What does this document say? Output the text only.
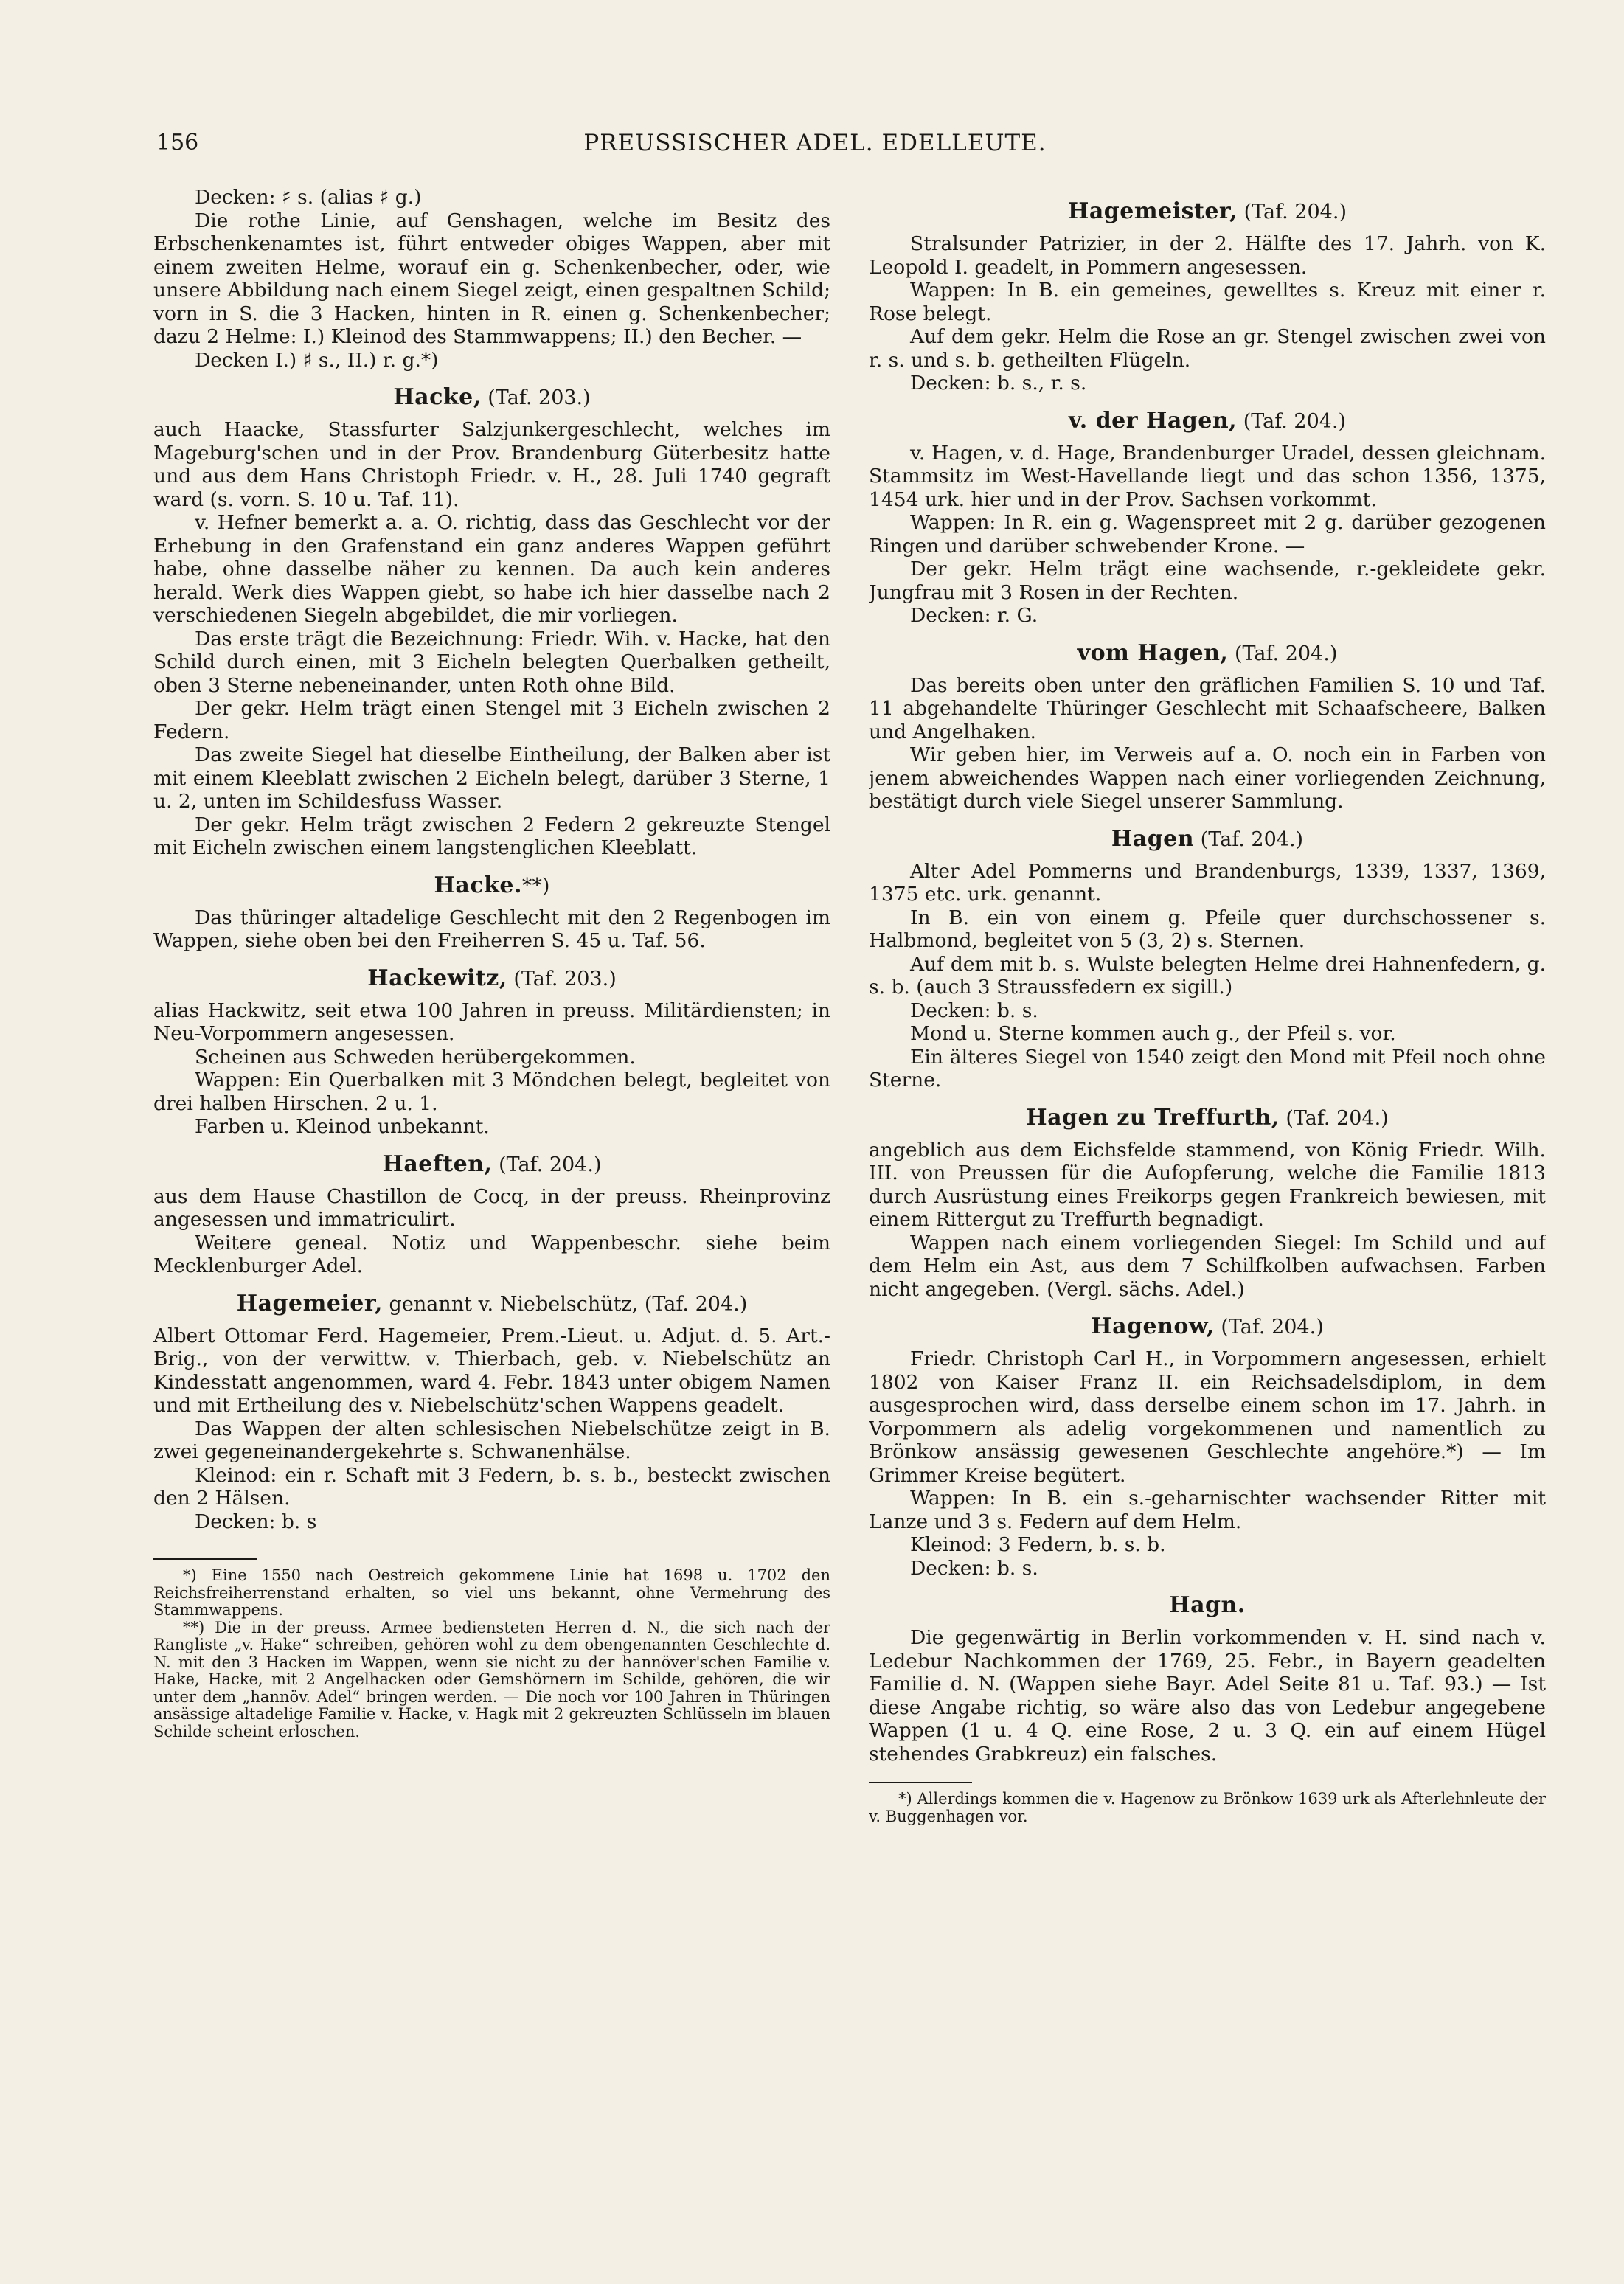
156	PREUSSISCHER ADEL. EDELLEUTE.

Decken: ♯ s. (alias ♯ g.)

Die rothe Linie, auf Genshagen, welche im Besitz des Erbschenkenamtes ist, führt entweder obiges Wappen, aber mit einem zweiten Helme, worauf ein g. Schenkenbecher, oder, wie unsere Abbildung nach einem Siegel zeigt, einen gespaltnen Schild; vorn in S. die 3 Hacken, hinten in R. einen g. Schenkenbecher; dazu 2 Helme: I.) Kleinod des Stammwappens; II.) den Becher. —

Decken I.) ♯ s., II.) r. g.*)

Hacke, (Taf. 203.)

auch Haacke, Stassfurter Salzjunkergeschlecht, welches im Mageburg'schen und in der Prov. Brandenburg Güterbesitz hatte und aus dem Hans Christoph Friedr. v. H., 28. Juli 1740 gegraft ward (s. vorn. S. 10 u. Taf. 11).

v. Hefner bemerkt a. a. O. richtig, dass das Geschlecht vor der Erhebung in den Grafenstand ein ganz anderes Wappen geführt habe, ohne dasselbe näher zu kennen. Da auch kein anderes herald. Werk dies Wappen giebt, so habe ich hier dasselbe nach 2 verschiedenen Siegeln abgebildet, die mir vorliegen.

Das erste trägt die Bezeichnung: Friedr. Wih. v. Hacke, hat den Schild durch einen, mit 3 Eicheln belegten Querbalken getheilt, oben 3 Sterne nebeneinander, unten Roth ohne Bild.

Der gekr. Helm trägt einen Stengel mit 3 Eicheln zwischen 2 Federn.

Das zweite Siegel hat dieselbe Eintheilung, der Balken aber ist mit einem Kleeblatt zwischen 2 Eicheln belegt, darüber 3 Sterne, 1 u. 2, unten im Schildesfuss Wasser.

Der gekr. Helm trägt zwischen 2 Federn 2 gekreuzte Stengel mit Eicheln zwischen einem langstenglichen Kleeblatt.

Hacke.**)

Das thüringer altadelige Geschlecht mit den 2 Regenbogen im Wappen, siehe oben bei den Freiherren S. 45 u. Taf. 56.

Hackewitz, (Taf. 203.)

alias Hackwitz, seit etwa 100 Jahren in preuss. Militärdiensten; in Neu-Vorpommern angesessen.

Scheinen aus Schweden herübergekommen.

Wappen: Ein Querbalken mit 3 Möndchen belegt, begleitet von drei halben Hirschen. 2 u. 1.

Farben u. Kleinod unbekannt.

Haeften, (Taf. 204.)

aus dem Hause Chastillon de Cocq, in der preuss. Rheinprovinz angesessen und immatriculirt.

Weitere geneal. Notiz und Wappenbeschr. siehe beim Mecklenburger Adel.

Hagemeier, genannt v. Niebelschütz, (Taf. 204.)

Albert Ottomar Ferd. Hagemeier, Prem.-Lieut. u. Adjut. d. 5. Art.-Brig., von der verwittw. v. Thierbach, geb. v. Niebelschütz an Kindesstatt angenommen, ward 4. Febr. 1843 unter obigem Namen und mit Ertheilung des v. Niebelschütz'schen Wappens geadelt.

Das Wappen der alten schlesischen Niebelschütze zeigt in B. zwei gegeneinandergekehrte s. Schwanenhälse.

Kleinod: ein r. Schaft mit 3 Federn, b. s. b., besteckt zwischen den 2 Hälsen.

Decken: b. s

*) Eine 1550 nach Oestreich gekommene Linie hat 1698 u. 1702 den Reichsfreiherrenstand erhalten, so viel uns bekannt, ohne Vermehrung des Stammwappens.

**) Die in der preuss. Armee bediensteten Herren d. N., die sich nach der Rangliste „v. Hake“ schreiben, gehören wohl zu dem obengenannten Geschlechte d. N. mit den 3 Hacken im Wappen, wenn sie nicht zu der hannöver'schen Familie v. Hake, Hacke, mit 2 Angelhacken oder Gemshörnern im Schilde, gehören, die wir unter dem „hannöv. Adel“ bringen werden. — Die noch vor 100 Jahren in Thüringen ansässige altadelige Familie v. Hacke, v. Hagk mit 2 gekreuzten Schlüsseln im blauen Schilde scheint erloschen.

Hagemeister, (Taf. 204.)

Stralsunder Patrizier, in der 2. Hälfte des 17. Jahrh. von K. Leopold I. geadelt, in Pommern angesessen.

Wappen: In B. ein gemeines, gewelltes s. Kreuz mit einer r. Rose belegt.

Auf dem gekr. Helm die Rose an gr. Stengel zwischen zwei von r. s. und s. b. getheilten Flügeln.

Decken: b. s., r. s.

v. der Hagen, (Taf. 204.)

v. Hagen, v. d. Hage, Brandenburger Uradel, dessen gleichnam. Stammsitz im West-Havellande liegt und das schon 1356, 1375, 1454 urk. hier und in der Prov. Sachsen vorkommt.

Wappen: In R. ein g. Wagenspreet mit 2 g. darüber gezogenen Ringen und darüber schwebender Krone. —

Der gekr. Helm trägt eine wachsende, r.-gekleidete gekr. Jungfrau mit 3 Rosen in der Rechten.

Decken: r. G.

vom Hagen, (Taf. 204.)

Das bereits oben unter den gräflichen Familien S. 10 und Taf. 11 abgehandelte Thüringer Geschlecht mit Schaafscheere, Balken und Angelhaken.

Wir geben hier, im Verweis auf a. O. noch ein in Farben von jenem abweichendes Wappen nach einer vorliegenden Zeichnung, bestätigt durch viele Siegel unserer Sammlung.

Hagen (Taf. 204.)

Alter Adel Pommerns und Brandenburgs, 1339, 1337, 1369, 1375 etc. urk. genannt.

In B. ein von einem g. Pfeile quer durchschossener s. Halbmond, begleitet von 5 (3, 2) s. Sternen.

Auf dem mit b. s. Wulste belegten Helme drei Hahnenfedern, g. s. b. (auch 3 Straussfedern ex sigill.)

Decken: b. s.

Mond u. Sterne kommen auch g., der Pfeil s. vor.

Ein älteres Siegel von 1540 zeigt den Mond mit Pfeil noch ohne Sterne.

Hagen zu Treffurth, (Taf. 204.)

angeblich aus dem Eichsfelde stammend, von König Friedr. Wilh. III. von Preussen für die Aufopferung, welche die Familie 1813 durch Ausrüstung eines Freikorps gegen Frankreich bewiesen, mit einem Rittergut zu Treffurth begnadigt.

Wappen nach einem vorliegenden Siegel: Im Schild und auf dem Helm ein Ast, aus dem 7 Schilfkolben aufwachsen. Farben nicht angegeben. (Vergl. sächs. Adel.)

Hagenow, (Taf. 204.)

Friedr. Christoph Carl H., in Vorpommern angesessen, erhielt 1802 von Kaiser Franz II. ein Reichsadelsdiplom, in dem ausgesprochen wird, dass derselbe einem schon im 17. Jahrh. in Vorpommern als adelig vorgekommenen und namentlich zu Brönkow ansässig gewesenen Geschlechte angehöre.*) — Im Grimmer Kreise begütert.

Wappen: In B. ein s.-geharnischter wachsender Ritter mit Lanze und 3 s. Federn auf dem Helm.

Kleinod: 3 Federn, b. s. b.

Decken: b. s.

Hagn.

Die gegenwärtig in Berlin vorkommenden v. H. sind nach v. Ledebur Nachkommen der 1769, 25. Febr., in Bayern geadelten Familie d. N. (Wappen siehe Bayr. Adel Seite 81 u. Taf. 93.) — Ist diese Angabe richtig, so wäre also das von Ledebur angegebene Wappen (1 u. 4 Q. eine Rose, 2 u. 3 Q. ein auf einem Hügel stehendes Grabkreuz) ein falsches.

*) Allerdings kommen die v. Hagenow zu Brönkow 1639 urk als Afterlehnleute der v. Buggenhagen vor.
